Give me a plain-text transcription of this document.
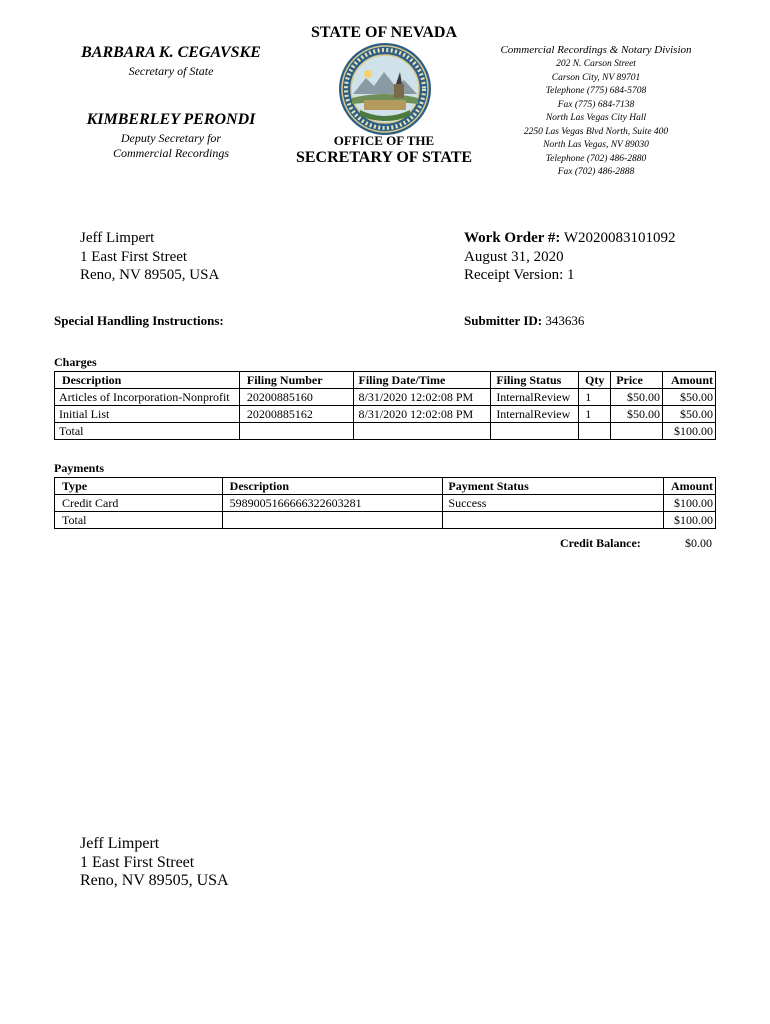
STATE OF NEVADA
BARBARA K. CEGAVSKE
Secretary of State
KIMBERLEY PERONDI
Deputy Secretary for
Commercial Recordings
OFFICE OF THE
SECRETARY OF STATE
Commercial Recordings & Notary Division
202 N. Carson Street
Carson City, NV 89701
Telephone (775) 684-5708
Fax (775) 684-7138
North Las Vegas City Hall
2250 Las Vegas Blvd North, Suite 400
North Las Vegas, NV 89030
Telephone (702) 486-2880
Fax (702) 486-2888
Jeff Limpert
1 East First Street
Reno, NV 89505, USA
Work Order #: W2020083101092
August 31, 2020
Receipt Version: 1
Special Handling Instructions:	Submitter ID: 343636
Charges
Description	Filing Number	Filing Date/Time	Filing Status	Qty	Price	Amount
Articles of Incorporation-Nonprofit	20200885160	8/31/2020 12:02:08 PM	InternalReview	1	$50.00	$50.00
Initial List	20200885162	8/31/2020 12:02:08 PM	InternalReview	1	$50.00	$50.00
Total						$100.00
Payments
Type	Description	Payment Status	Amount
Credit Card	5989005166666322603281	Success	$100.00
Total			$100.00
Credit Balance:	$0.00
Jeff Limpert
1 East First Street
Reno, NV 89505, USA
